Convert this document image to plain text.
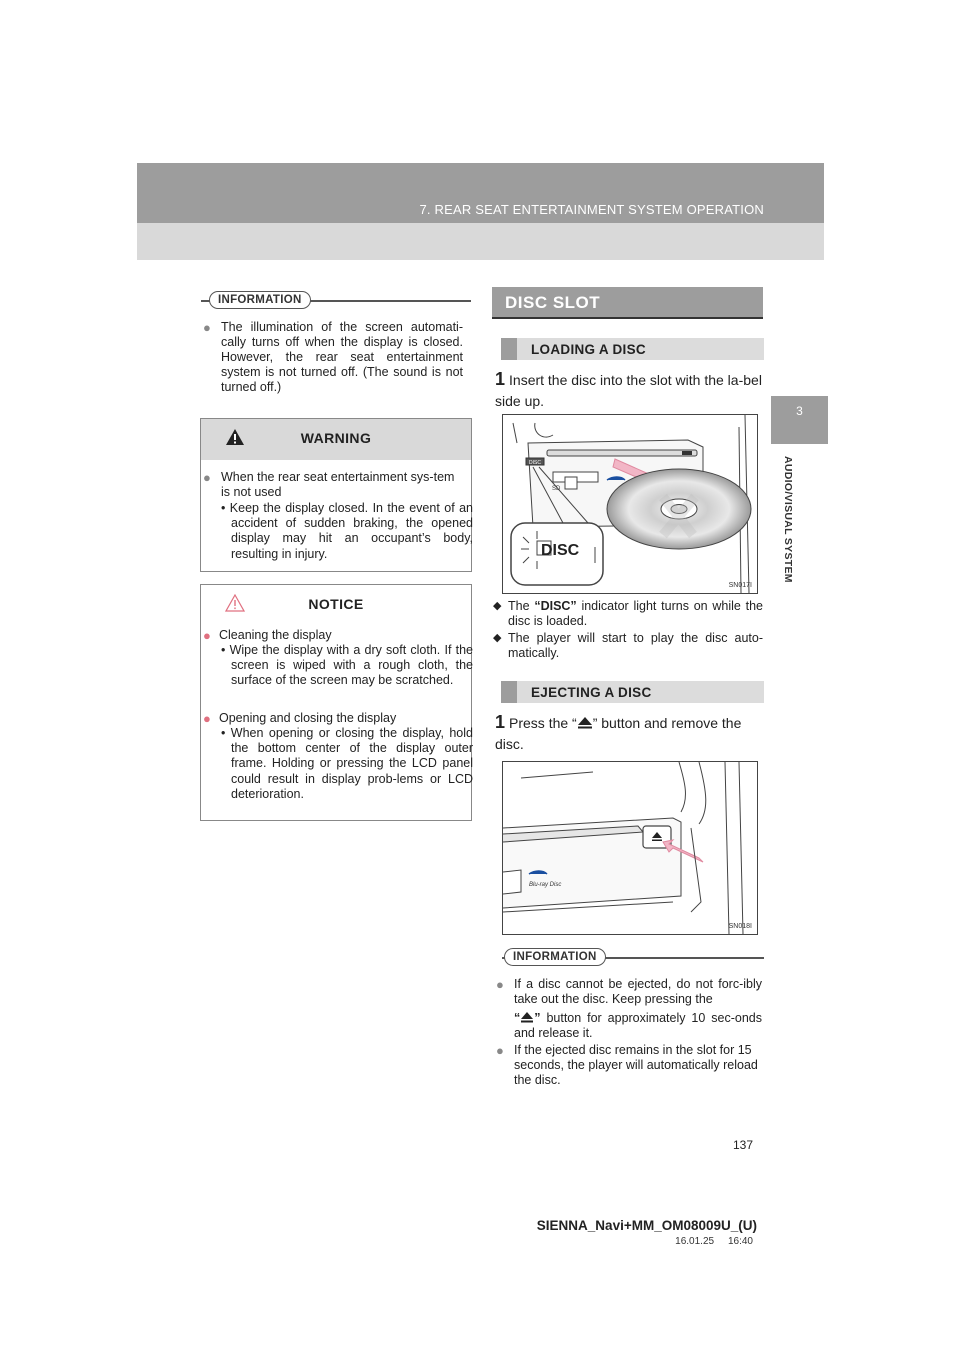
7. REAR SEAT ENTERTAINMENT SYSTEM OPERATION
3
AUDIO/VISUAL SYSTEM
INFORMATION
● The illumination of the screen automati-cally turns off when the display is closed. However, the rear seat entertainment system is not turned off. (The sound is not turned off.)
WARNING
● When the rear seat entertainment sys-tem is not used
• Keep the display closed. In the event of an accident of sudden braking, the opened display may hit an occupant’s body, resulting in injury.
NOTICE
● Cleaning the display
• Wipe the display with a dry soft cloth. If the screen is wiped with a rough cloth, the surface of the screen may be scratched.
● Opening and closing the display
• When opening or closing the display, hold the bottom center of the display outer frame. Holding or pressing the LCD panel could result in display prob-lems or LCD deterioration.
DISC SLOT
LOADING A DISC
1 Insert the disc into the slot with the la-bel side up.
DISC
SD
DISC
SN017I
◆ The “DISC” indicator light turns on while the disc is loaded.
◆ The player will start to play the disc auto-matically.
EJECTING A DISC
1 Press the “ ” button and remove the disc.
Blu-ray Disc
SN018I
INFORMATION
● If a disc cannot be ejected, do not forc-ibly take out the disc. Keep pressing the
“ ” button for approximately 10 sec-onds and release it.
● If the ejected disc remains in the slot for 15 seconds, the player will automatically reload the disc.
137
SIENNA_Navi+MM_OM08009U_(U)
16.01.25     16:40
